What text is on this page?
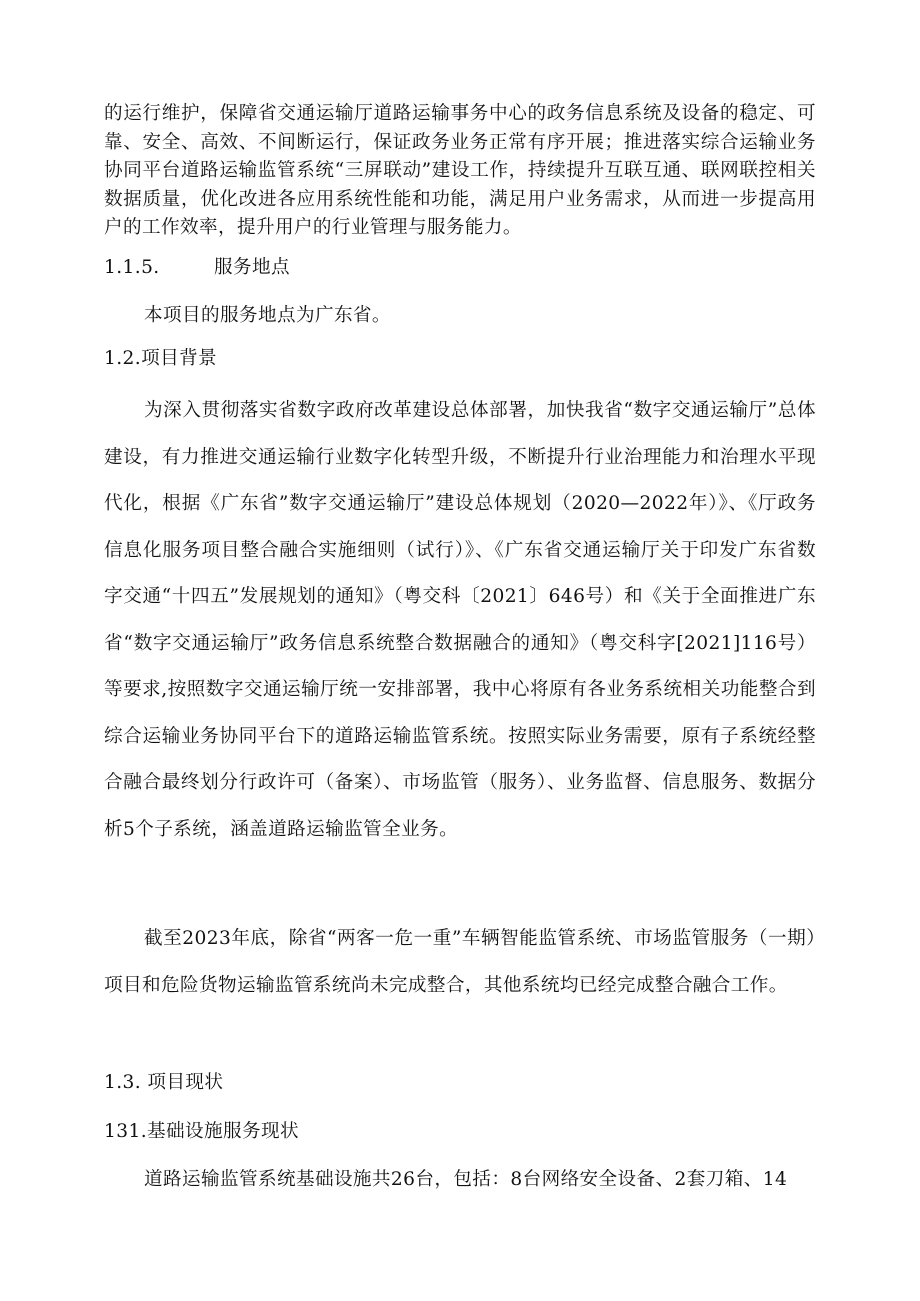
的运行维护，保障省交通运输厅道路运输事务中心的政务信息系统及设备的稳定、可靠、安全、高效、不间断运行，保证政务业务正常有序开展；推进落实综合运输业务协同平台道路运输监管系统“三屏联动”建设工作，持续提升互联互通、联网联控相关数据质量，优化改进各应用系统性能和功能，满足用户业务需求，从而进一步提高用户的工作效率，提升用户的行业管理与服务能力。

1.1.5.	服务地点

本项目的服务地点为广东省。

1.2.项目背景

为深入贯彻落实省数字政府改革建设总体部署，加快我省“数字交通运输厅”总体建设，有力推进交通运输行业数字化转型升级，不断提升行业治理能力和治理水平现代化，根据《广东省”数字交通运输厅”建设总体规划（2020—2022年）》、《厅政务信息化服务项目整合融合实施细则（试行）》、《广东省交通运输厅关于印发广东省数字交通“十四五”发展规划的通知》（粤交科〔2021〕646号）和《关于全面推进广东省“数字交通运输厅”政务信息系统整合数据融合的通知》（粤交科字[2021]116号）等要求,按照数字交通运输厅统一安排部署，我中心将原有各业务系统相关功能整合到综合运输业务协同平台下的道路运输监管系统。按照实际业务需要，原有子系统经整合融合最终划分行政许可（备案）、市场监管（服务）、业务监督、信息服务、数据分析5个子系统，涵盖道路运输监管全业务。

截至2023年底，除省“两客一危一重”车辆智能监管系统、市场监管服务（一期）项目和危险货物运输监管系统尚未完成整合，其他系统均已经完成整合融合工作。

1.3. 项目现状
131.基础设施服务现状

道路运输监管系统基础设施共26台，包括：8台网络安全设备、2套刀箱、14
